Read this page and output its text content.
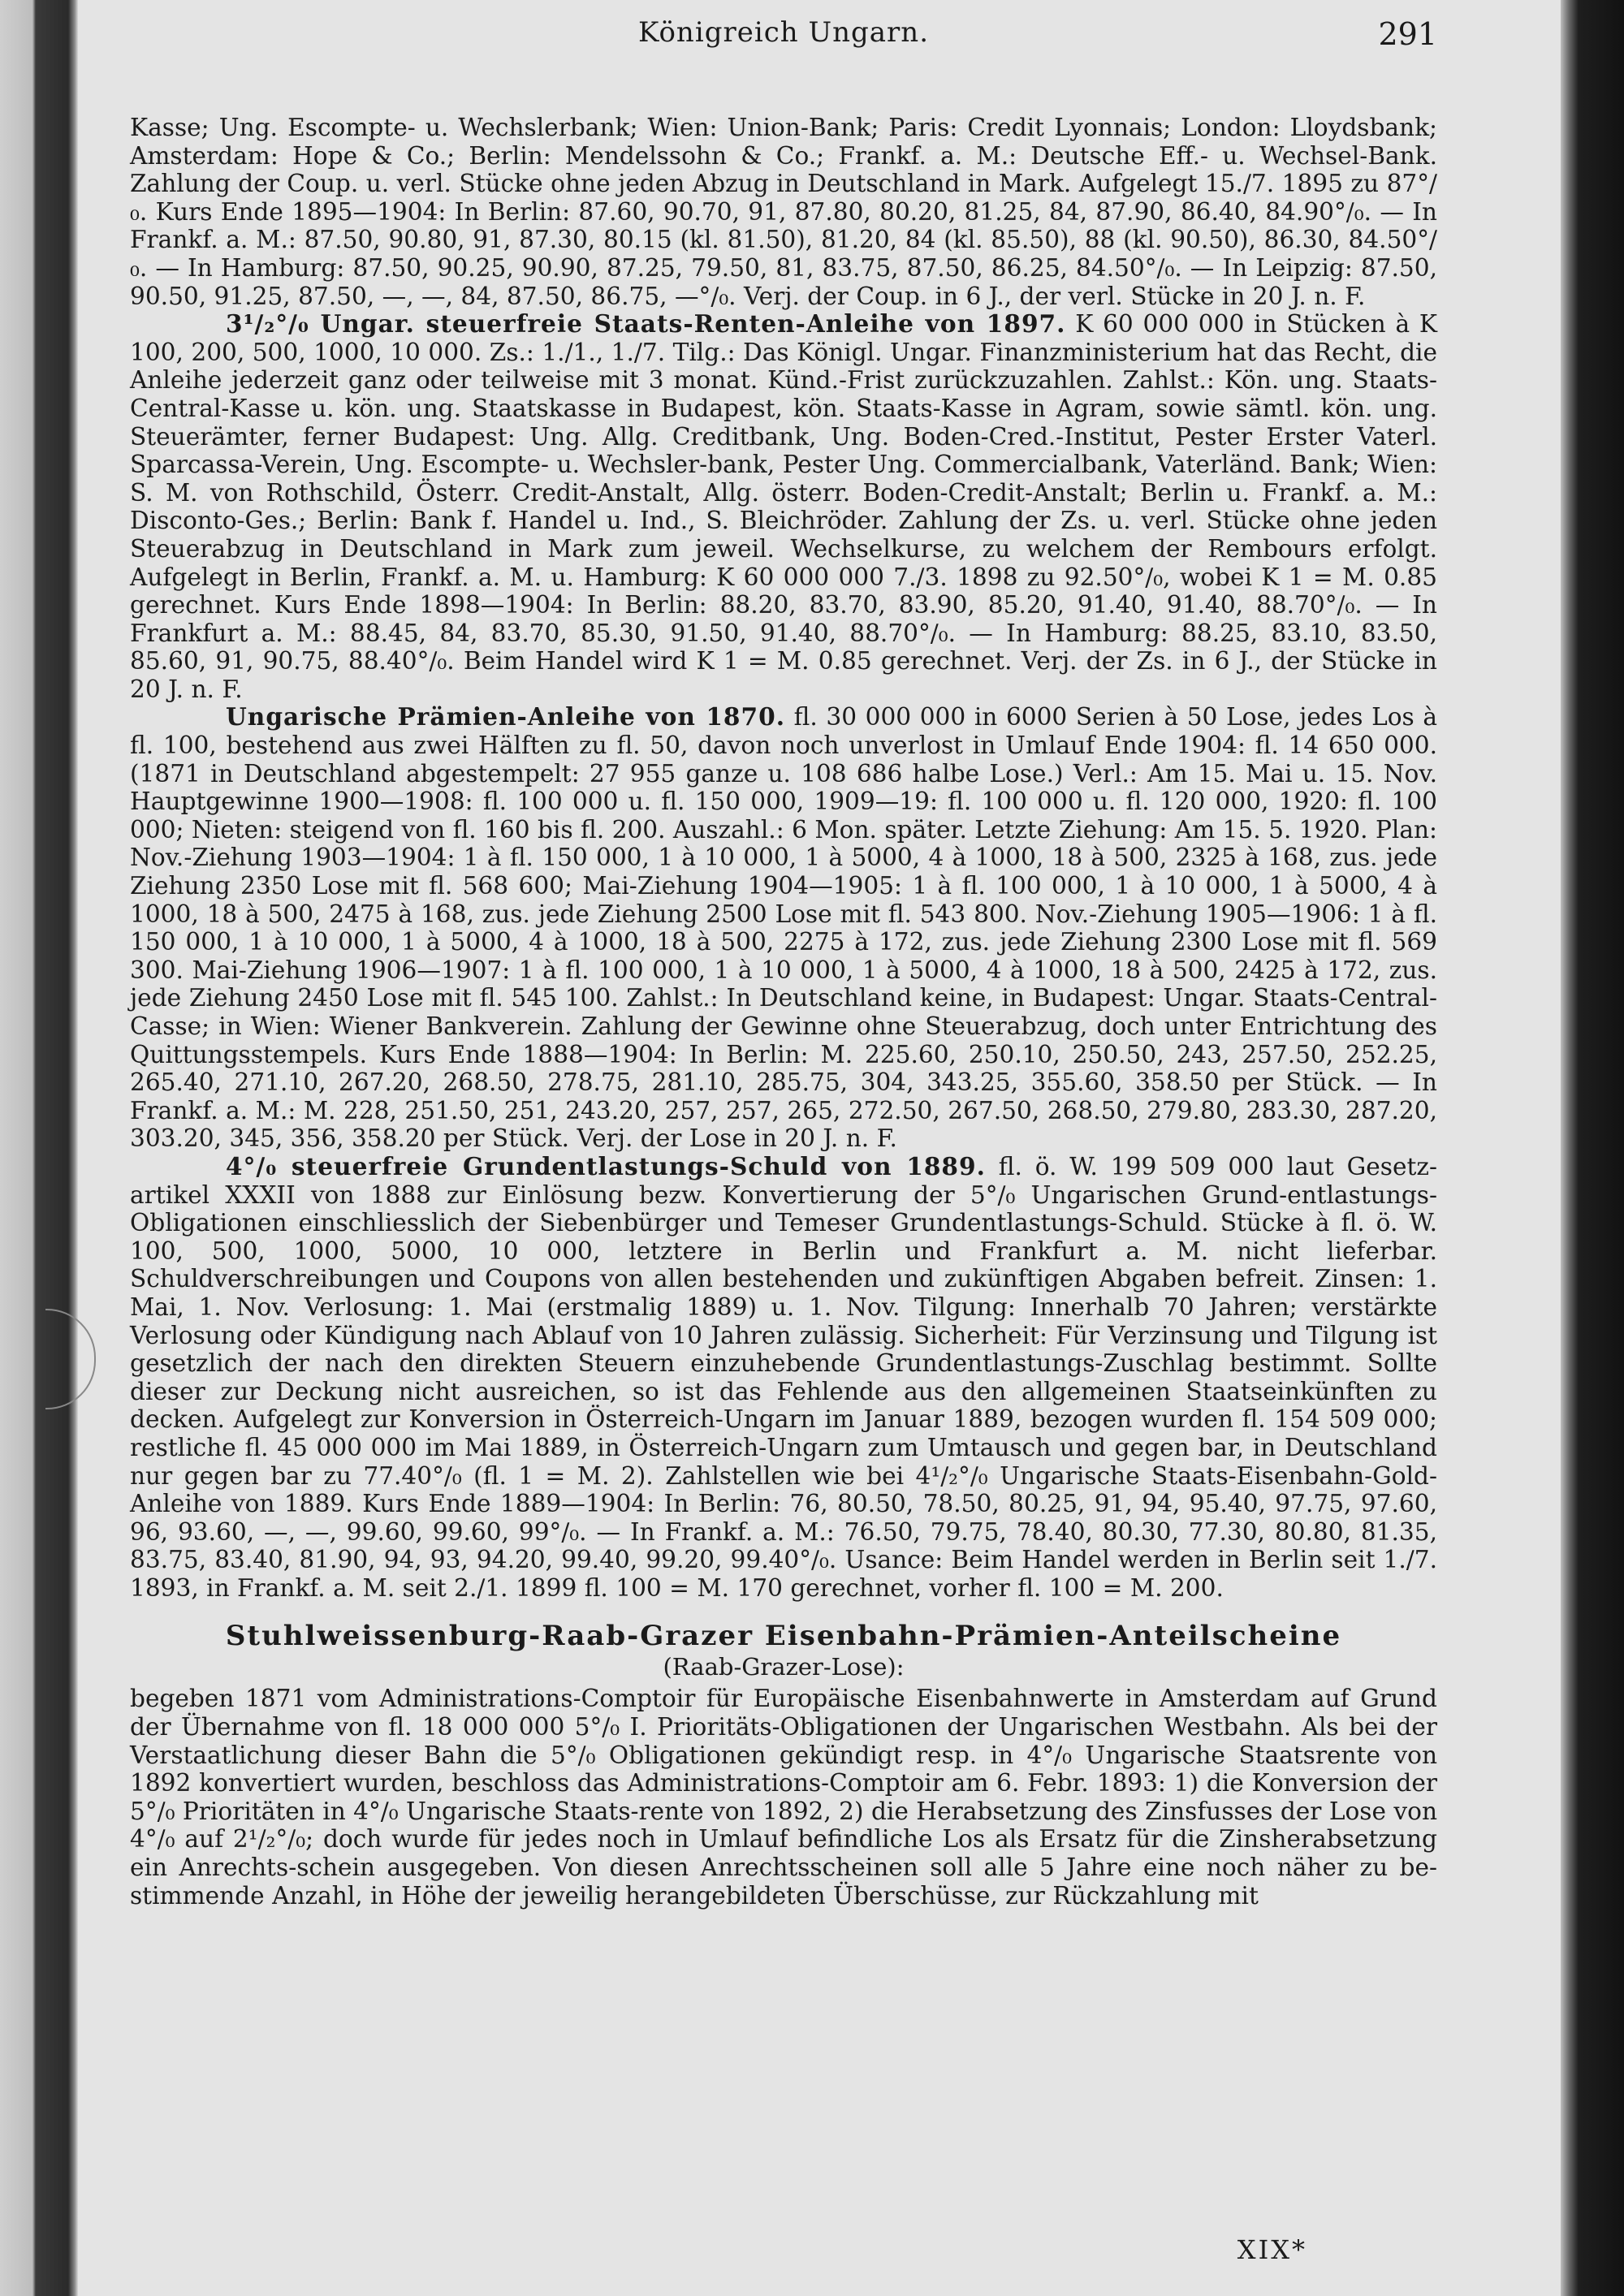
Königreich Ungarn.	291

Kasse; Ung. Escompte- u. Wechslerbank; Wien: Union-Bank; Paris: Credit Lyonnais; London: Lloydsbank; Amsterdam: Hope & Co.; Berlin: Mendelssohn & Co.; Frankf. a. M.: Deutsche Eff.- u. Wechsel-Bank. Zahlung der Coup. u. verl. Stücke ohne jeden Abzug in Deutschland in Mark. Aufgelegt 15./7. 1895 zu 87°/₀. Kurs Ende 1895—1904: In Berlin: 87.60, 90.70, 91, 87.80, 80.20, 81.25, 84, 87.90, 86.40, 84.90°/₀. — In Frankf. a. M.: 87.50, 90.80, 91, 87.30, 80.15 (kl. 81.50), 81.20, 84 (kl. 85.50), 88 (kl. 90.50), 86.30, 84.50°/₀. — In Hamburg: 87.50, 90.25, 90.90, 87.25, 79.50, 81, 83.75, 87.50, 86.25, 84.50°/₀. — In Leipzig: 87.50, 90.50, 91.25, 87.50, —, —, 84, 87.50, 86.75, —°/₀. Verj. der Coup. in 6 J., der verl. Stücke in 20 J. n. F.

3¹/₂°/₀ Ungar. steuerfreie Staats-Renten-Anleihe von 1897. K 60 000 000 in Stücken à K 100, 200, 500, 1000, 10 000. Zs.: 1./1., 1./7. Tilg.: Das Königl. Ungar. Finanzministerium hat das Recht, die Anleihe jederzeit ganz oder teilweise mit 3 monat. Künd.-Frist zurückzuzahlen. Zahlst.: Kön. ung. Staats-Central-Kasse u. kön. ung. Staatskasse in Budapest, kön. Staats-Kasse in Agram, sowie sämtl. kön. ung. Steuerämter, ferner Budapest: Ung. Allg. Creditbank, Ung. Boden-Cred.-Institut, Pester Erster Vaterl. Sparcassa-Verein, Ung. Escompte- u. Wechsler-bank, Pester Ung. Commercialbank, Vaterländ. Bank; Wien: S. M. von Rothschild, Österr. Credit-Anstalt, Allg. österr. Boden-Credit-Anstalt; Berlin u. Frankf. a. M.: Disconto-Ges.; Berlin: Bank f. Handel u. Ind., S. Bleichröder. Zahlung der Zs. u. verl. Stücke ohne jeden Steuerabzug in Deutschland in Mark zum jeweil. Wechselkurse, zu welchem der Rembours erfolgt. Aufgelegt in Berlin, Frankf. a. M. u. Hamburg: K 60 000 000 7./3. 1898 zu 92.50°/₀, wobei K 1 = M. 0.85 gerechnet. Kurs Ende 1898—1904: In Berlin: 88.20, 83.70, 83.90, 85.20, 91.40, 91.40, 88.70°/₀. — In Frankfurt a. M.: 88.45, 84, 83.70, 85.30, 91.50, 91.40, 88.70°/₀. — In Hamburg: 88.25, 83.10, 83.50, 85.60, 91, 90.75, 88.40°/₀. Beim Handel wird K 1 = M. 0.85 gerechnet. Verj. der Zs. in 6 J., der Stücke in 20 J. n. F.

Ungarische Prämien-Anleihe von 1870. fl. 30 000 000 in 6000 Serien à 50 Lose, jedes Los à fl. 100, bestehend aus zwei Hälften zu fl. 50, davon noch unverlost in Umlauf Ende 1904: fl. 14 650 000. (1871 in Deutschland abgestempelt: 27 955 ganze u. 108 686 halbe Lose.) Verl.: Am 15. Mai u. 15. Nov. Hauptgewinne 1900—1908: fl. 100 000 u. fl. 150 000, 1909—19: fl. 100 000 u. fl. 120 000, 1920: fl. 100 000; Nieten: steigend von fl. 160 bis fl. 200. Auszahl.: 6 Mon. später. Letzte Ziehung: Am 15. 5. 1920. Plan: Nov.-Ziehung 1903—1904: 1 à fl. 150 000, 1 à 10 000, 1 à 5000, 4 à 1000, 18 à 500, 2325 à 168, zus. jede Ziehung 2350 Lose mit fl. 568 600; Mai-Ziehung 1904—1905: 1 à fl. 100 000, 1 à 10 000, 1 à 5000, 4 à 1000, 18 à 500, 2475 à 168, zus. jede Ziehung 2500 Lose mit fl. 543 800. Nov.-Ziehung 1905—1906: 1 à fl. 150 000, 1 à 10 000, 1 à 5000, 4 à 1000, 18 à 500, 2275 à 172, zus. jede Ziehung 2300 Lose mit fl. 569 300. Mai-Ziehung 1906—1907: 1 à fl. 100 000, 1 à 10 000, 1 à 5000, 4 à 1000, 18 à 500, 2425 à 172, zus. jede Ziehung 2450 Lose mit fl. 545 100. Zahlst.: In Deutschland keine, in Budapest: Ungar. Staats-Central-Casse; in Wien: Wiener Bankverein. Zahlung der Gewinne ohne Steuerabzug, doch unter Entrichtung des Quittungsstempels. Kurs Ende 1888—1904: In Berlin: M. 225.60, 250.10, 250.50, 243, 257.50, 252.25, 265.40, 271.10, 267.20, 268.50, 278.75, 281.10, 285.75, 304, 343.25, 355.60, 358.50 per Stück. — In Frankf. a. M.: M. 228, 251.50, 251, 243.20, 257, 257, 265, 272.50, 267.50, 268.50, 279.80, 283.30, 287.20, 303.20, 345, 356, 358.20 per Stück. Verj. der Lose in 20 J. n. F.

4°/₀ steuerfreie Grundentlastungs-Schuld von 1889. fl. ö. W. 199 509 000 laut Gesetz-artikel XXXII von 1888 zur Einlösung bezw. Konvertierung der 5°/₀ Ungarischen Grund-entlastungs-Obligationen einschliesslich der Siebenbürger und Temeser Grundentlastungs-Schuld. Stücke à fl. ö. W. 100, 500, 1000, 5000, 10 000, letztere in Berlin und Frankfurt a. M. nicht lieferbar. Schuldverschreibungen und Coupons von allen bestehenden und zukünftigen Abgaben befreit. Zinsen: 1. Mai, 1. Nov. Verlosung: 1. Mai (erstmalig 1889) u. 1. Nov. Tilgung: Innerhalb 70 Jahren; verstärkte Verlosung oder Kündigung nach Ablauf von 10 Jahren zulässig. Sicherheit: Für Verzinsung und Tilgung ist gesetzlich der nach den direkten Steuern einzuhebende Grundentlastungs-Zuschlag bestimmt. Sollte dieser zur Deckung nicht ausreichen, so ist das Fehlende aus den allgemeinen Staatseinkünften zu decken. Aufgelegt zur Konversion in Österreich-Ungarn im Januar 1889, bezogen wurden fl. 154 509 000; restliche fl. 45 000 000 im Mai 1889, in Österreich-Ungarn zum Umtausch und gegen bar, in Deutschland nur gegen bar zu 77.40°/₀ (fl. 1 = M. 2). Zahlstellen wie bei 4¹/₂°/₀ Ungarische Staats-Eisenbahn-Gold-Anleihe von 1889. Kurs Ende 1889—1904: In Berlin: 76, 80.50, 78.50, 80.25, 91, 94, 95.40, 97.75, 97.60, 96, 93.60, —, —, 99.60, 99.60, 99°/₀. — In Frankf. a. M.: 76.50, 79.75, 78.40, 80.30, 77.30, 80.80, 81.35, 83.75, 83.40, 81.90, 94, 93, 94.20, 99.40, 99.20, 99.40°/₀. Usance: Beim Handel werden in Berlin seit 1./7. 1893, in Frankf. a. M. seit 2./1. 1899 fl. 100 = M. 170 gerechnet, vorher fl. 100 = M. 200.

Stuhlweissenburg-Raab-Grazer Eisenbahn-Prämien-Anteilscheine
(Raab-Grazer-Lose):

begeben 1871 vom Administrations-Comptoir für Europäische Eisenbahnwerte in Amsterdam auf Grund der Übernahme von fl. 18 000 000 5°/₀ I. Prioritäts-Obligationen der Ungarischen Westbahn. Als bei der Verstaatlichung dieser Bahn die 5°/₀ Obligationen gekündigt resp. in 4°/₀ Ungarische Staatsrente von 1892 konvertiert wurden, beschloss das Administrations-Comptoir am 6. Febr. 1893: 1) die Konversion der 5°/₀ Prioritäten in 4°/₀ Ungarische Staats-rente von 1892, 2) die Herabsetzung des Zinsfusses der Lose von 4°/₀ auf 2¹/₂°/₀; doch wurde für jedes noch in Umlauf befindliche Los als Ersatz für die Zinsherabsetzung ein Anrechts-schein ausgegeben. Von diesen Anrechtsscheinen soll alle 5 Jahre eine noch näher zu be-stimmende Anzahl, in Höhe der jeweilig herangebildeten Überschüsse, zur Rückzahlung mit

XIX*
